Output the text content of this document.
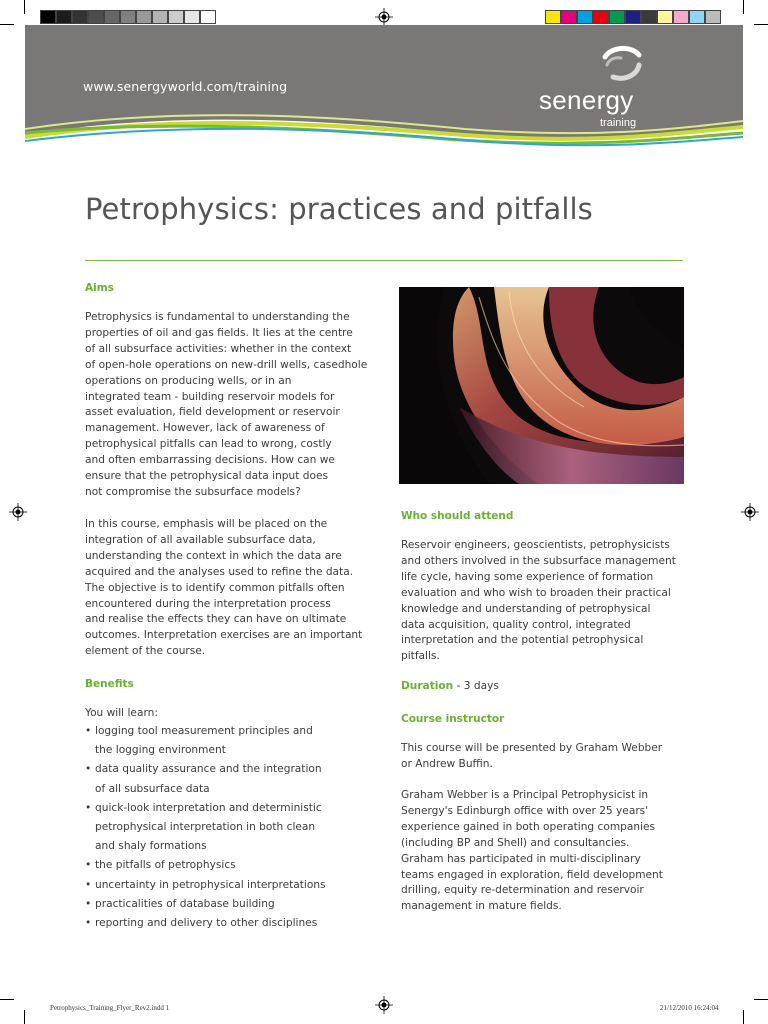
www.senergyworld.com/training	senergy
training
Petrophysics: practices and pitfalls
Aims
Petrophysics is fundamental to understanding the
properties of oil and gas fields. It lies at the centre
of all subsurface activities: whether in the context
of open-hole operations on new-drill wells, casedhole
operations on producing wells, or in an
integrated team - building reservoir models for
asset evaluation, field development or reservoir
management. However, lack of awareness of
petrophysical pitfalls can lead to wrong, costly
and often embarrassing decisions. How can we
ensure that the petrophysical data input does
not compromise the subsurface models?
In this course, emphasis will be placed on the
integration of all available subsurface data,
understanding the context in which the data are
acquired and the analyses used to refine the data.
The objective is to identify common pitfalls often
encountered during the interpretation process
and realise the effects they can have on ultimate
outcomes. Interpretation exercises are an important
element of the course.
Benefits
You will learn:
• logging tool measurement principles and
the logging environment
• data quality assurance and the integration
of all subsurface data
• quick-look interpretation and deterministic
petrophysical interpretation in both clean
and shaly formations
• the pitfalls of petrophysics
• uncertainty in petrophysical interpretations
• practicalities of database building
• reporting and delivery to other disciplines
Who should attend
Reservoir engineers, geoscientists, petrophysicists
and others involved in the subsurface management
life cycle, having some experience of formation
evaluation and who wish to broaden their practical
knowledge and understanding of petrophysical
data acquisition, quality control, integrated
interpretation and the potential petrophysical
pitfalls.
Duration - 3 days
Course instructor
This course will be presented by Graham Webber
or Andrew Buffin.
Graham Webber is a Principal Petrophysicist in
Senergy's Edinburgh office with over 25 years'
experience gained in both operating companies
(including BP and Shell) and consultancies.
Graham has participated in multi-disciplinary
teams engaged in exploration, field development
drilling, equity re-determination and reservoir
management in mature fields.
Petrophysics_Training_Flyer_Rev2.indd 1	21/12/2010 16:24:04
